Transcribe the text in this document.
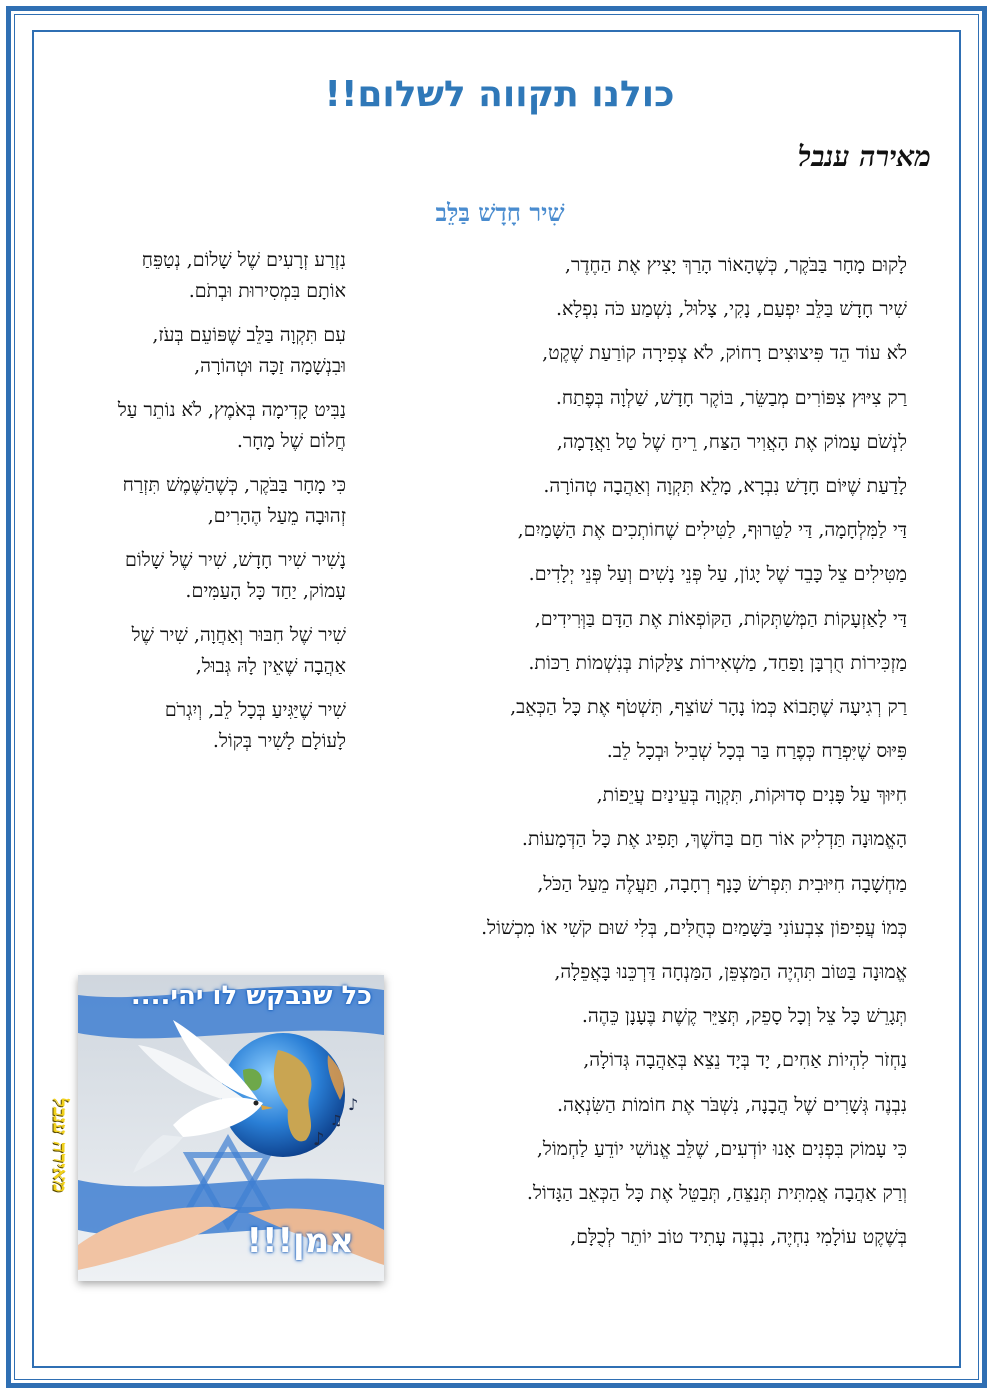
כולנו תקווה לשלום!!
מאירה ענבל
שִׁיר חָדָשׁ בַּלֵּב
לָקוּם מָחָר בַּבֹּקֶר, כְּשֶׁהָאוֹר הָרַךְ יָצִיץ אֶת הַחֶדֶר,
שִׁיר חָדָשׁ בַּלֵּב יִפְעַם, נָקִי, צָלוּל, נִשְׁמַע כֹּה נִפְלָא.
לֹא עוֹד הֵד פִּיצוּצִים רָחוֹק, לֹא צְפִירָה קוֹרַעַת שֶׁקֶט,
רַק צִיּוּץ צִפּוֹרִים מְבַשֵּׂר, בּוֹקֶר חָדָשׁ, שַׁלְוָה בְּפֶתַח.
לִנְשֹׁם עָמוֹק אֶת הָאֲוִיר הַצַּח, רֵיחַ שֶׁל טַל וַאֲדָמָה,
לָדַעַת שֶׁיּוֹם חָדָשׁ נִבְרָא, מָלֵא תִּקְוָה וְאַהֲבָה טְהוֹרָה.
דַּי לַמִּלְחָמָה, דַּי לַטֵּרוּף, לַטִּילִים שֶׁחוֹתְכִים אֶת הַשָּׁמַיִם,
מַטִּילִים צֵל כָּבֵד שֶׁל יָגוֹן, עַל פְּנֵי נָשִׁים וְעַל פְּנֵי יְלָדִים.
דַּי לָאַזְעָקוֹת הַמְּשַׁתְּקוֹת, הַקּוֹפְאוֹת אֶת הַדָּם בַּוְּרִידִים,
מַזְכִּירוֹת חֻרְבָּן וָפַחַד, מַשְׁאִירוֹת צַלָּקוֹת בְּנִשְׁמוֹת רַכּוֹת.
רַק רְגִיעָה שֶׁתָּבוֹא כְּמוֹ נָהָר שׁוֹצֵף, תִּשְׁטֹף אֶת כָּל הַכְּאֵב,
פִּיּוּס שֶׁיִּפְרַח כְּפֶרַח בַּר בְּכָל שְׁבִיל וּבְכָל לֵב.
חִיּוּךְ עַל פָּנִים סְדוּקוֹת, תִּקְוָה בְּעֵינַיִם עֲיֵפוֹת,
הָאֱמוּנָה תַּדְלִיק אוֹר חַם בַּחֹשֶׁךְ, תָּפִיג אֶת כָּל הַדְּמָעוֹת.
מַחְשָׁבָה חִיּוּבִית תִּפְרֹשׂ כָּנָף רְחָבָה, תַּעֲלֶה מֵעַל הַכֹּל,
כְּמוֹ עֲפִיפוֹן צִבְעוֹנִי בַּשָּׁמַיִם כְּחֻלִּים, בְּלִי שׁוּם קֹשִׁי אוֹ מִכְשׁוֹל.
אֱמוּנָה בַּטּוֹב תִּהְיֶה הַמַּצְפֵּן, הַמַּנְחָה דַּרְכֵּנוּ בָּאֲפֵלָה,
תְּגָרֵשׁ כָּל צֵל וְכָל סָפֵק, תְּצַיֵּר קֶשֶׁת בֶּעָנָן כֵּהֶה.
נַחְזֹר לִהְיוֹת אַחִים, יָד בְּיָד נֵצֵא בְּאַהֲבָה גְּדוֹלָה,
נִבְנֶה גְּשָׁרִים שֶׁל הֲבָנָה, נִשְׁבֹּר אֶת חוֹמוֹת הַשִּׂנְאָה.
כִּי עָמוֹק בִּפְנִים אָנוּ יוֹדְעִים, שֶׁלֵּב אֱנוֹשִׁי יוֹדֵעַ לַחְמוֹל,
וְרַק אַהֲבָה אֲמִתִּית תְּנַצֵּחַ, תְּבַטֵּל אֶת כָּל הַכְּאֵב הַגָּדוֹל.
בְּשֶׁקֶט עוֹלָמִי נִחְיֶה, נִבְנֶה עָתִיד טוֹב יוֹתֵר לְכֻלָּם,

נִזְרַע זְרָעִים שֶׁל שָׁלוֹם, נְטַפֵּחַ אוֹתָם בִּמְסִירוּת וּבְתֹם.

עִם תִּקְוָה בַּלֵּב שֶׁפּוֹעֵם בְּעֹז, וּבִנְשָׁמָה זַכָּה וּטְהוֹרָה,

נַבִּיט קָדִימָה בְּאֹמֶץ, לֹא נוֹתֵר עַל חֲלוֹם שֶׁל מָחָר.

כִּי מָחָר בַּבֹּקֶר, כְּשֶׁהַשֶּׁמֶשׁ תִּזְרַח זְהוּבָה מֵעַל הֶהָרִים,

נָשִׁיר שִׁיר חָדָשׁ, שִׁיר שֶׁל שָׁלוֹם עָמוֹק, יַחַד כָּל הָעַמִּים.

שִׁיר שֶׁל חִבּוּר וְאַחֲוָה, שִׁיר שֶׁל אַהֲבָה שֶׁאֵין לָהּ גְּבוּל,

שִׁיר שֶׁיַּגִּיעַ בְּכָל לֵב, וְיִגְרֹם לָעוֹלָם לָשִׁיר בְּקוֹל.

מאירה ענבל	♪
♫
♪
כל שנבקש לו יהי....
אמן!!!
